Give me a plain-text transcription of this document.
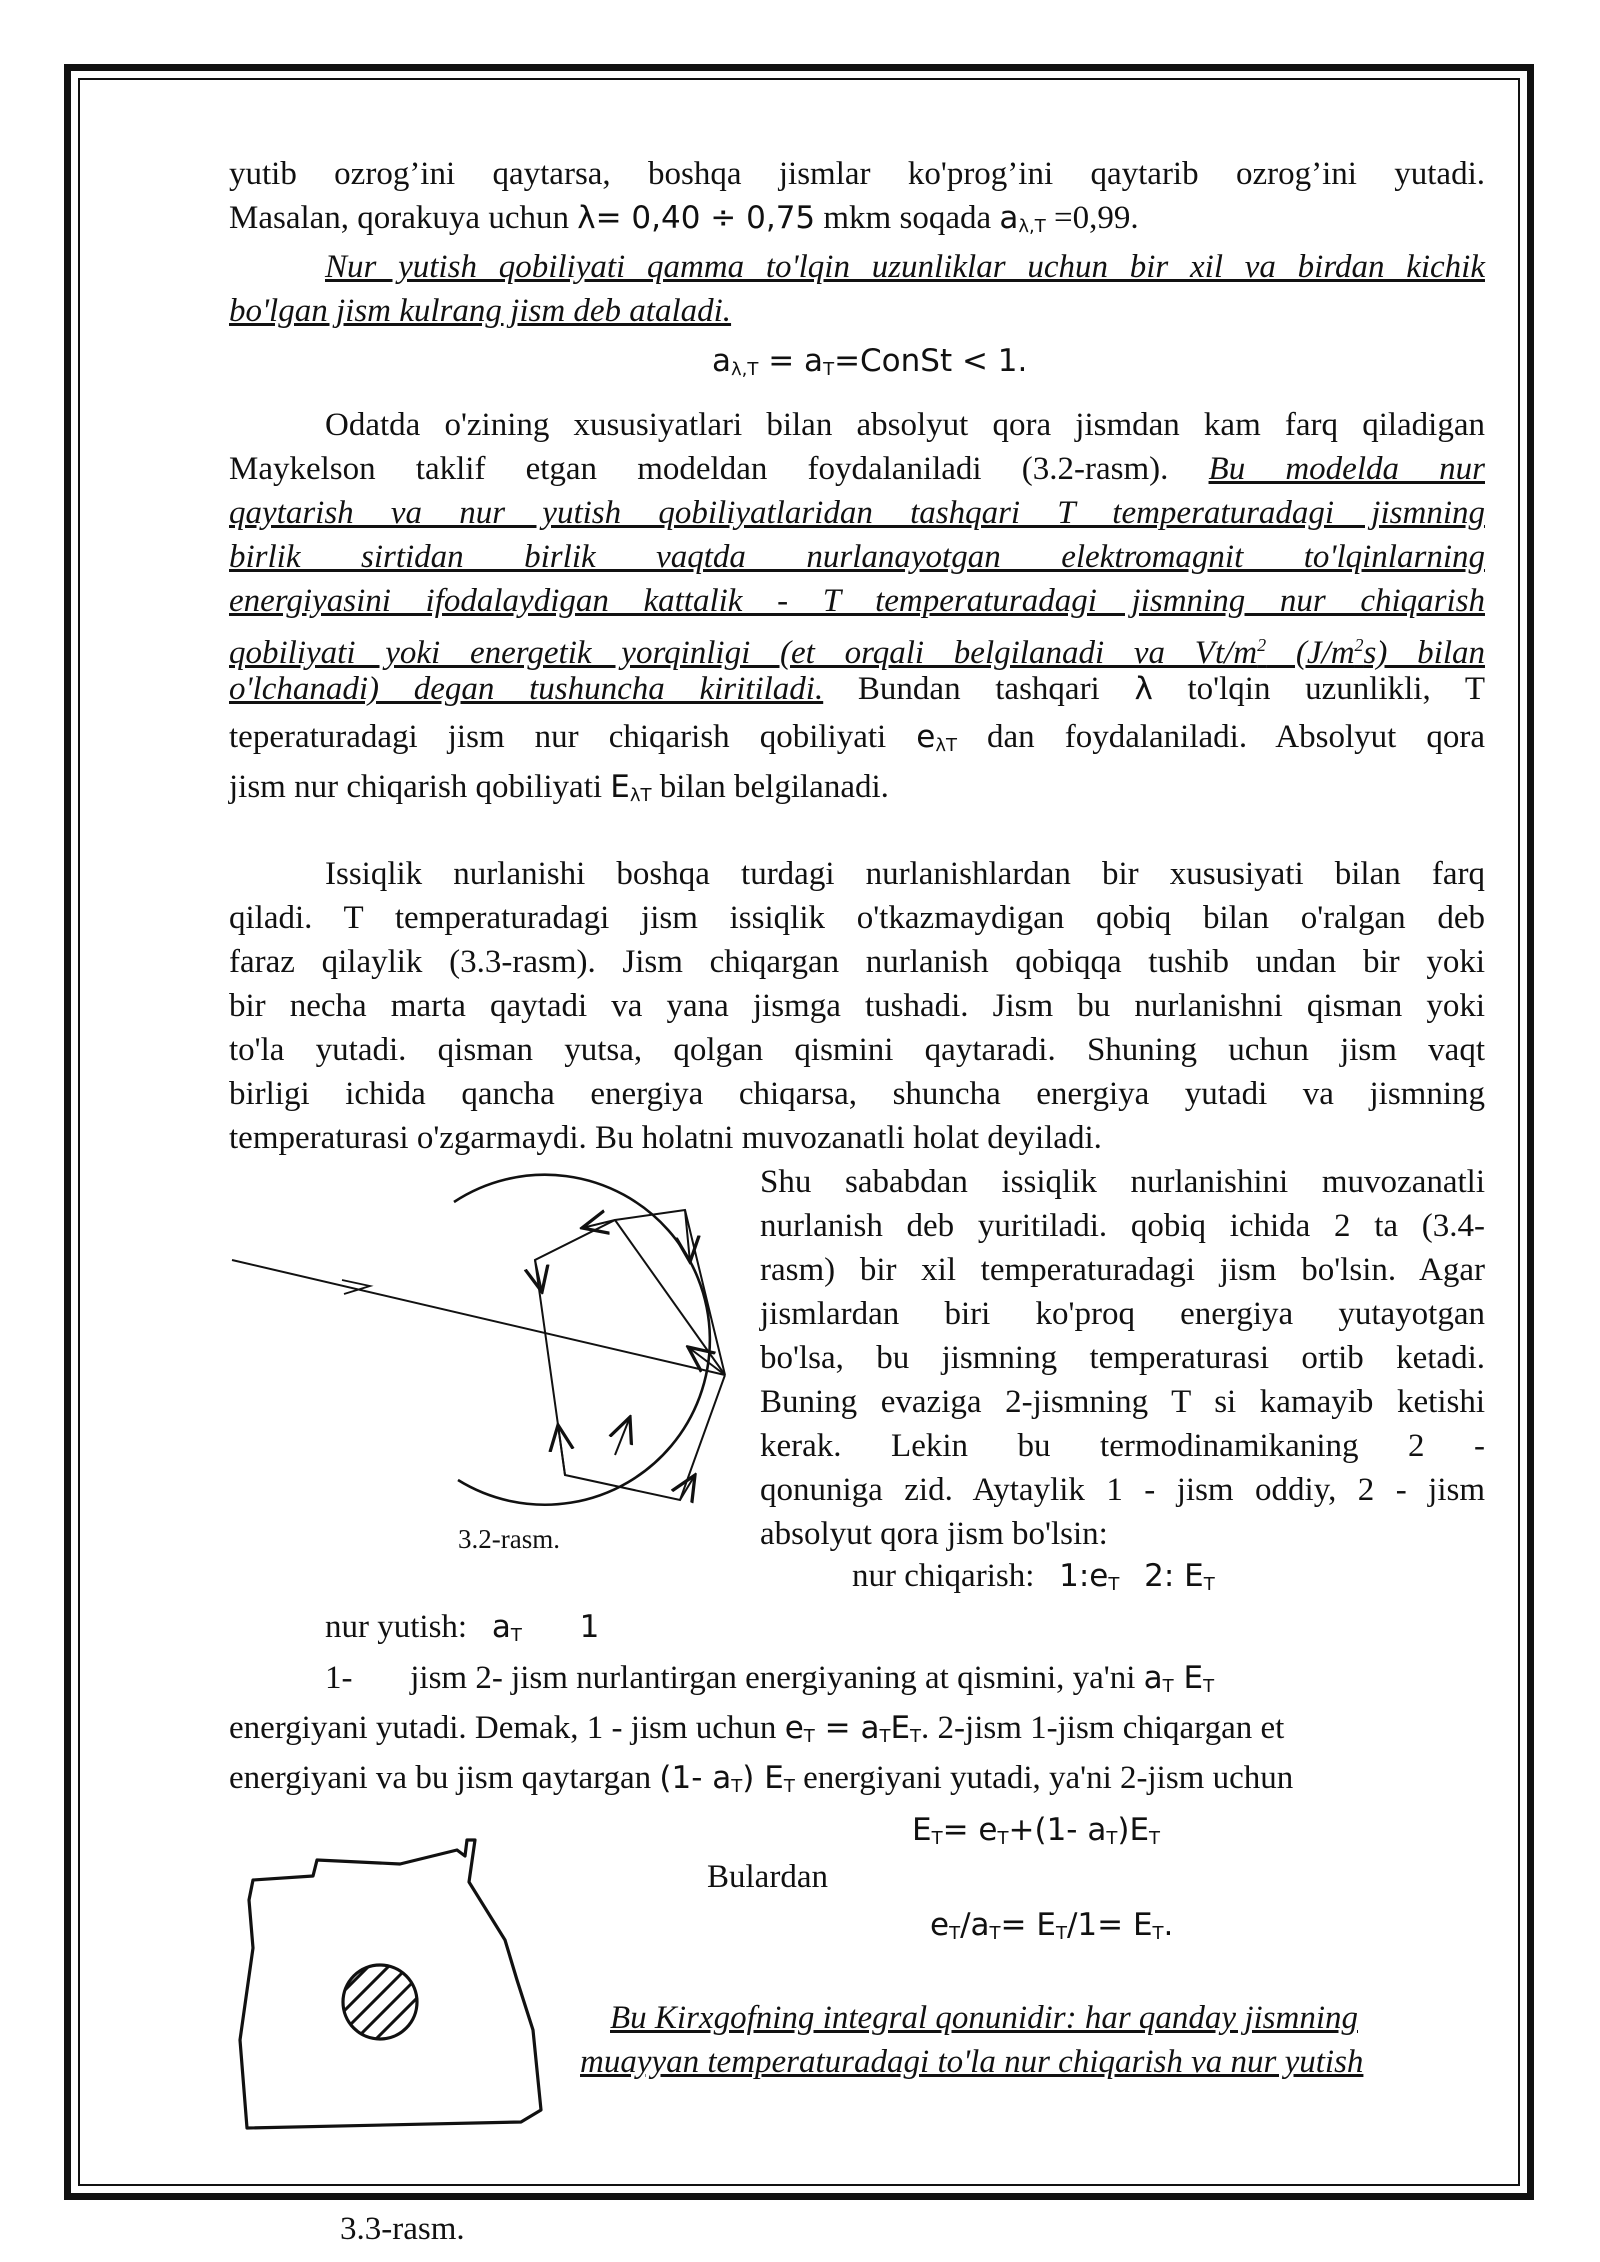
yutib ozrog’ini qaytarsa, boshqa jismlar ko'prog’ini qaytarib ozrog’ini yutadi.
Masalan, qorakuya uchun λ= 0,40 ÷ 0,75 mkm soqada $a_{\lambda,T} =0,99$.
Nur yutish qobiliyati qamma to'lqin uzunliklar uchun bir xil va birdan kichik
bo'lgan jism kulrang jism deb ataladi.
$a_{\lambda,T}$ = $a_T=ConSt < 1$.
Odatda o'zining xususiyatlari bilan absolyut qora jismdan kam farq qiladigan
Maykelson taklif etgan modeldan foydalaniladi (3.2-rasm). Bu modelda nur
qaytarish va nur yutish qobiliyatlaridan tashqari T temperaturadagi jismning
birlik sirtidan birlik vaqtda nurlanayotgan elektromagnit to'lqinlarning
energiyasini ifodalaydigan kattalik - T temperaturadagi jismning nur chiqarish
qobiliyati yoki energetik yorqinligi (et orqali belgilanadi va $Vt/m^2$ $(J/m^2s)$ bilan
o'lchanadi) degan tushuncha kiritiladi. Bundan tashqari λ to'lqin uzunlikli, T
teperaturadagi jism nur chiqarish qobiliyati $e_{\lambda T}$ dan foydalaniladi. Absolyut qora
jism nur chiqarish qobiliyati $E_{\lambda T}$ bilan belgilanadi.
Issiqlik nurlanishi boshqa turdagi nurlanishlardan bir xususiyati bilan farq
qiladi. T temperaturadagi jism issiqlik o'tkazmaydigan qobiq bilan o'ralgan deb
faraz qilaylik (3.3-rasm). Jism chiqargan nurlanish qobiqqa tushib undan bir yoki
bir necha marta qaytadi va yana jismga tushadi. Jism bu nurlanishni qisman yoki
to'la yutadi. qisman yutsa, qolgan qismini qaytaradi. Shuning uchun jism vaqt
birligi ichida qancha energiya chiqarsa, shuncha energiya yutadi va jismning
temperaturasi o'zgarmaydi. Bu holatni muvozanatli holat deyiladi.
Shu sababdan issiqlik nurlanishini muvozanatli
nurlanish deb yuritiladi. qobiq ichida 2 ta (3.4-
rasm) bir xil temperaturadagi jism bo'lsin. Agar
jismlardan biri ko'proq energiya yutayotgan
bo'lsa, bu jismning temperaturasi ortib ketadi.
Buning evaziga 2-jismning T si kamayib ketishi
kerak. Lekin bu termodinamikaning 2 -
qonuniga zid. Aytaylik 1 - jism oddiy, 2 - jism
absolyut qora jism bo'lsin:
3.2-rasm.
nur chiqarish: $1:e_T$ 2: $E_T$
nur yutish: $a_T$ 1
1- jism 2- jism nurlantirgan energiyaning at qismini, ya'ni $a_T$ $E_T$
energiyani yutadi. Demak, 1 - jism uchun $e_T = a_TE_T$. 2-jism 1-jism chiqargan et
energiyani va bu jism qaytargan (1- $a_T$) $E_T$ energiyani yutadi, ya'ni 2-jism uchun
$E_T= e_T+(1-$ $a_T)E_T$
Bulardan
$e_T/a_T= E_T/1= E_T$.
Bu Kirxgofning integral qonunidir: har qanday jismning
muayyan temperaturadagi to'la nur chiqarish va nur yutish
3.3-rasm.
